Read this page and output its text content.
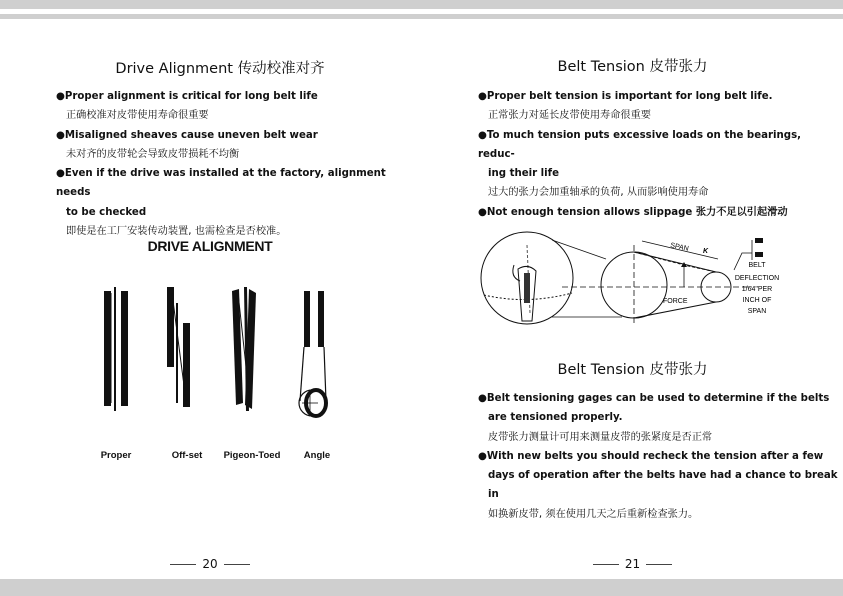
Drive Alignment 传动校准对齐

●Proper alignment is critical for long belt life

正确校准对皮带使用寿命很重要

●Misaligned sheaves cause uneven belt wear

未对齐的皮带轮会导致皮带损耗不均衡

●Even if the drive was installed at the factory, alignment needs

to be checked

即使是在工厂安装传动装置, 也需检查是否校准。

DRIVE ALIGNMENT
Proper	Off-set	Pigeon-Toed	Angle
20
Belt Tension 皮带张力

●Proper belt tension is important for long belt life.

正常张力对延长皮带使用寿命很重要

●To much tension puts excessive loads on the bearings, reduc-

ing their life

过大的张力会加重轴承的负荷, 从而影响使用寿命

●Not enough tension allows slippage 张力不足以引起滑动

SPAN K
FORCE
BELT
DEFLECTION
1/64"PER
INCH OF
SPAN
Belt Tension 皮带张力

●Belt tensioning gages can be used to determine if the belts

are tensioned properly.

皮带张力测量计可用来测量皮带的张紧度是否正常

●With new belts you should recheck the tension after a few

days of operation after the belts have had a chance to break in

如换新皮带, 须在使用几天之后重新检查张力。

21
